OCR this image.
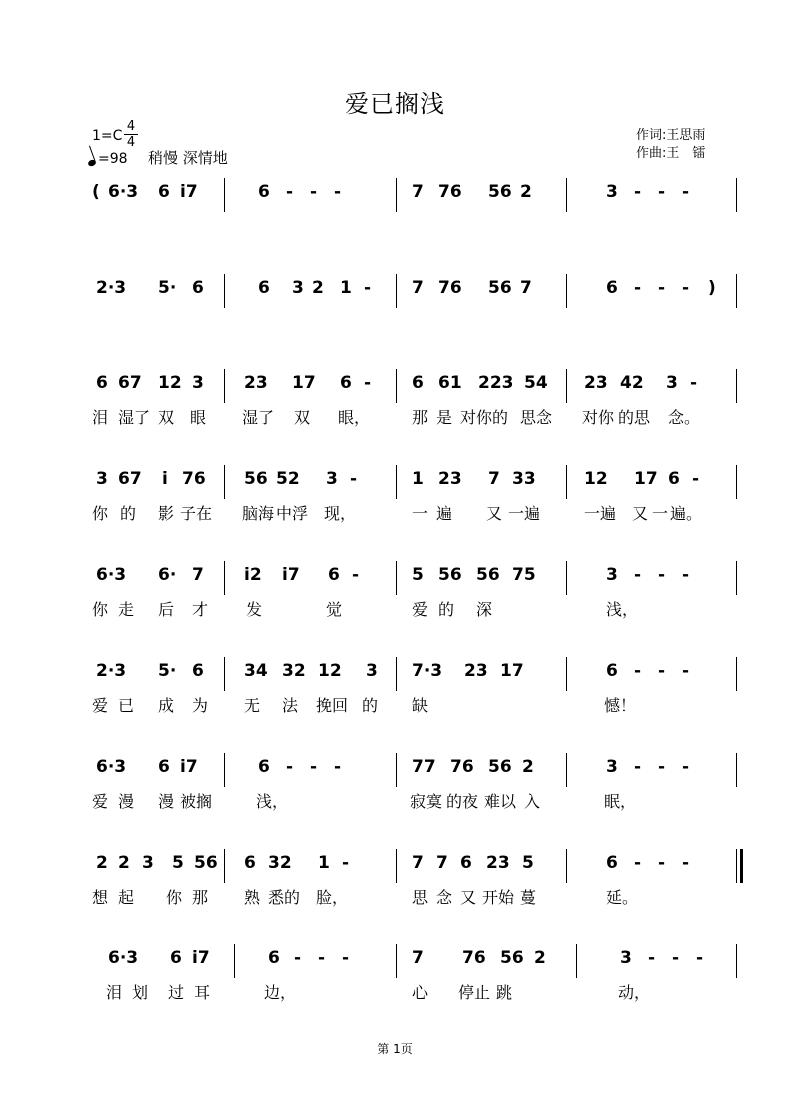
爱已搁浅
1=C
4
4
=98 稍慢 深情地
作词:王思雨
作曲:王　镭
( 6·3 6 i7	6 - - -	7 76 56 2	3 - - -
2·3 5· 6	6 3 2 1 - 7 76 56 7	6 - - - )
6 67 12 3 23 17 6 - 6 61 223 54 23 42 3 -
泪 湿了 双 眼 湿了 双 眼，	那 是 对你的 思念 对你 的思 念。
3 67 i 76 56 52 3 -	1 23 7 33	12 17 6 -
你 的 影 子在 脑海 中浮 现，	一 遍 又 一遍	一遍 又 一 遍。
6·3 6· 7 i2 i7 6 -	5 56 56 75	3 - - -
你 走 后 才 发	觉	爱 的 深	浅，
2·3 5· 6 34 32 12 3 7·3 23 17	6 - - -
爱 已 成 为 无 法 挽回 的 缺	憾！
6·3 6 i7	6 - - -	77 76 56 2	3 - - -
爱 漫 漫 被搁	浅，	寂寞 的夜 难以 入	眠，
2 2 3 5 56 6 32 1 -	7 7 6 23 5	6 - - -
想 起 你 那 熟 悉的 脸，	思 念 又 开始 蔓	延。
6·3 6 i7	6 - - -	7 76 56 2	3 - - -
泪 划 过 耳	边，	心 停止 跳	动，
第 1页
